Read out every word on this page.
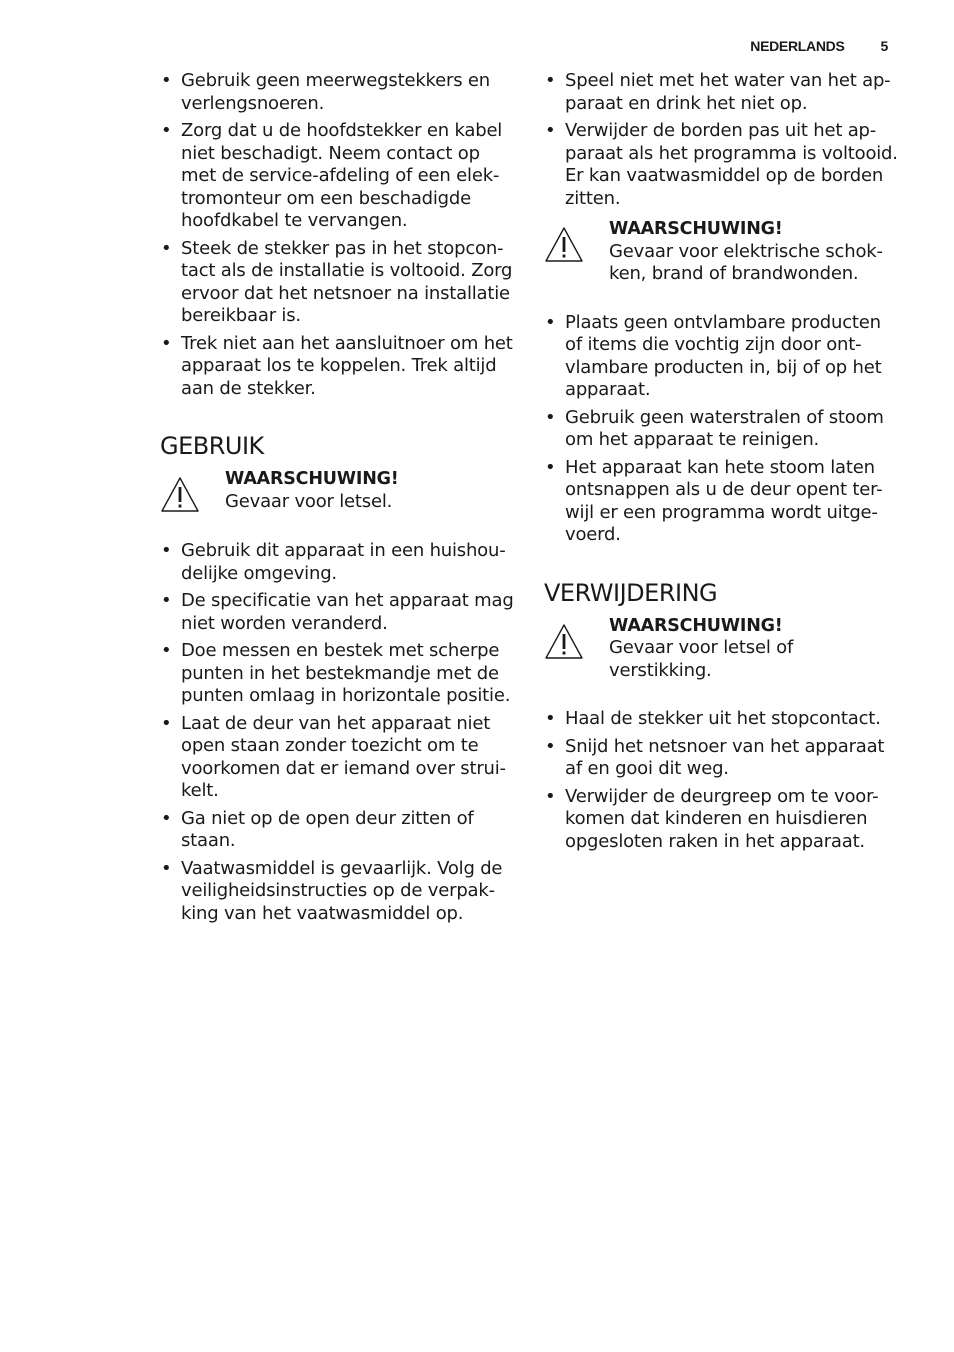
NEDERLANDS	5
• Gebruik geen meerwegstekkers en verlengsnoeren.
• Zorg dat u de hoofdstekker en kabel niet beschadigt. Neem contact op met de service-afdeling of een elek-tromonteur om een beschadigde hoofdkabel te vervangen.
• Steek de stekker pas in het stopcon-tact als de installatie is voltooid. Zorg ervoor dat het netsnoer na installatie bereikbaar is.
• Trek niet aan het aansluitnoer om het apparaat los te koppelen. Trek altijd aan de stekker.
GEBRUIK
WAARSCHUWING!
Gevaar voor letsel.
• Gebruik dit apparaat in een huishou-delijke omgeving.
• De specificatie van het apparaat mag niet worden veranderd.
• Doe messen en bestek met scherpe punten in het bestekmandje met de punten omlaag in horizontale positie.
• Laat de deur van het apparaat niet open staan zonder toezicht om te voorkomen dat er iemand over strui-kelt.
• Ga niet op de open deur zitten of staan.
• Vaatwasmiddel is gevaarlijk. Volg de veiligheidsinstructies op de verpak-king van het vaatwasmiddel op.
• Speel niet met het water van het ap-paraat en drink het niet op.
• Verwijder de borden pas uit het ap-paraat als het programma is voltooid. Er kan vaatwasmiddel op de borden zitten.
WAARSCHUWING!
Gevaar voor elektrische schok-ken, brand of brandwonden.
• Plaats geen ontvlambare producten of items die vochtig zijn door ont-vlambare producten in, bij of op het apparaat.
• Gebruik geen waterstralen of stoom om het apparaat te reinigen.
• Het apparaat kan hete stoom laten ontsnappen als u de deur opent ter-wijl er een programma wordt uitge-voerd.
VERWIJDERING
WAARSCHUWING!
Gevaar voor letsel of verstikking.
• Haal de stekker uit het stopcontact.
• Snijd het netsnoer van het apparaat af en gooi dit weg.
• Verwijder de deurgreep om te voor-komen dat kinderen en huisdieren opgesloten raken in het apparaat.
